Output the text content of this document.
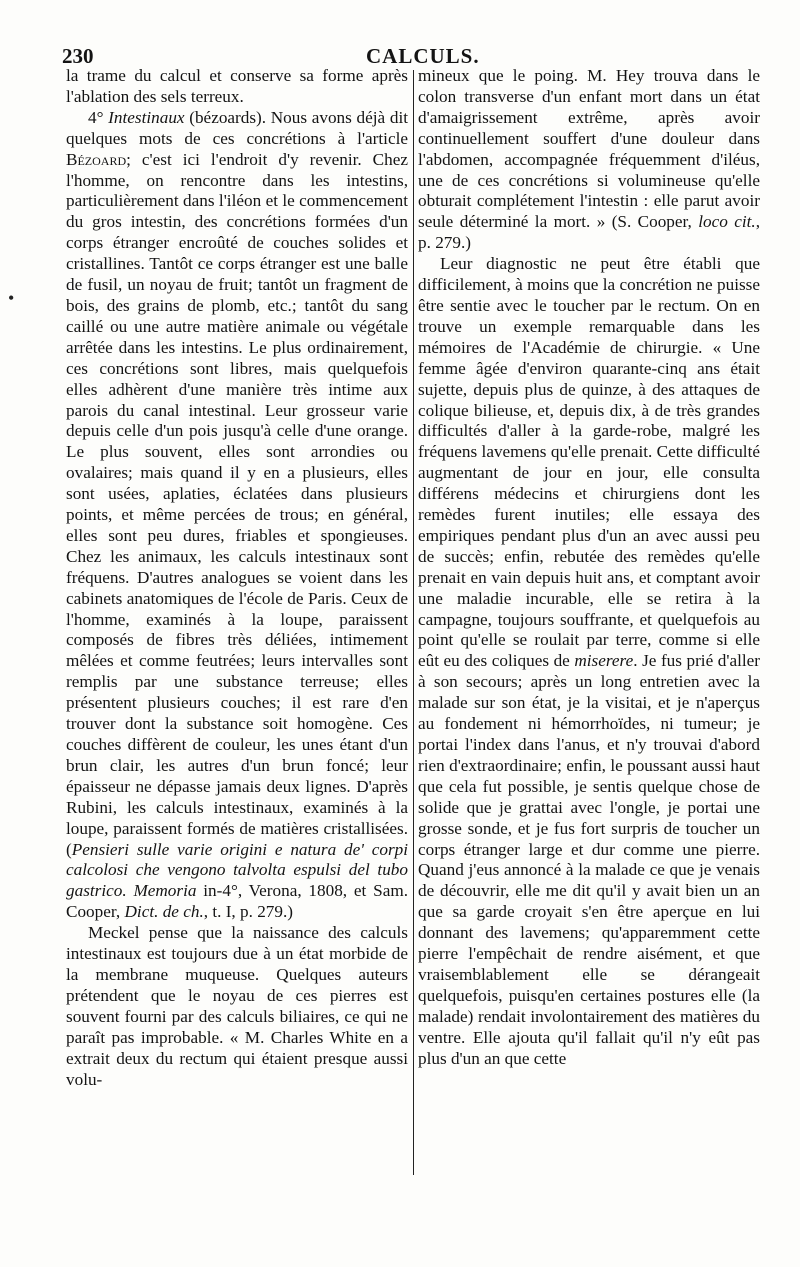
230	CALCULS.
•

la trame du calcul et conserve sa forme après l'ablation des sels terreux.

4° Intestinaux (bézoards). Nous avons déjà dit quelques mots de ces concrétions à l'article Bézoard; c'est ici l'endroit d'y revenir. Chez l'homme, on rencontre dans les intestins, particulièrement dans l'iléon et le commencement du gros intestin, des concrétions formées d'un corps étranger encroûté de couches solides et cristallines. Tantôt ce corps étranger est une balle de fusil, un noyau de fruit; tantôt un fragment de bois, des grains de plomb, etc.; tantôt du sang caillé ou une autre matière animale ou végétale arrêtée dans les intestins. Le plus ordinairement, ces concrétions sont libres, mais quelquefois elles adhèrent d'une manière très intime aux parois du canal intestinal. Leur grosseur varie depuis celle d'un pois jusqu'à celle d'une orange. Le plus souvent, elles sont arrondies ou ovalaires; mais quand il y en a plusieurs, elles sont usées, aplaties, éclatées dans plusieurs points, et même percées de trous; en général, elles sont peu dures, friables et spongieuses. Chez les animaux, les calculs intestinaux sont fréquens. D'autres analogues se voient dans les cabinets anatomiques de l'école de Paris. Ceux de l'homme, examinés à la loupe, paraissent composés de fibres très déliées, intimement mêlées et comme feutrées; leurs intervalles sont remplis par une substance terreuse; elles présentent plusieurs couches; il est rare d'en trouver dont la substance soit homogène. Ces couches diffèrent de couleur, les unes étant d'un brun clair, les autres d'un brun foncé; leur épaisseur ne dépasse jamais deux lignes. D'après Rubini, les calculs intestinaux, examinés à la loupe, paraissent formés de matières cristallisées. (Pensieri sulle varie origini e natura de' corpi calcolosi che vengono talvolta espulsi del tubo gastrico. Memoria in-4°, Verona, 1808, et Sam. Cooper, Dict. de ch., t. I, p. 279.)

Meckel pense que la naissance des calculs intestinaux est toujours due à un état morbide de la membrane muqueuse. Quelques auteurs prétendent que le noyau de ces pierres est souvent fourni par des calculs biliaires, ce qui ne paraît pas improbable. « M. Charles White en a extrait deux du rectum qui étaient presque aussi volu-

mineux que le poing. M. Hey trouva dans le colon transverse d'un enfant mort dans un état d'amaigrissement extrême, après avoir continuellement souffert d'une douleur dans l'abdomen, accompagnée fréquemment d'iléus, une de ces concrétions si volumineuse qu'elle obturait complétement l'intestin : elle parut avoir seule déterminé la mort. » (S. Cooper, loco cit., p. 279.)

Leur diagnostic ne peut être établi que difficilement, à moins que la concrétion ne puisse être sentie avec le toucher par le rectum. On en trouve un exemple remarquable dans les mémoires de l'Académie de chirurgie. « Une femme âgée d'environ quarante-cinq ans était sujette, depuis plus de quinze, à des attaques de colique bilieuse, et, depuis dix, à de très grandes difficultés d'aller à la garde-robe, malgré les fréquens lavemens qu'elle prenait. Cette difficulté augmentant de jour en jour, elle consulta différens médecins et chirurgiens dont les remèdes furent inutiles; elle essaya des empiriques pendant plus d'un an avec aussi peu de succès; enfin, rebutée des remèdes qu'elle prenait en vain depuis huit ans, et comptant avoir une maladie incurable, elle se retira à la campagne, toujours souffrante, et quelquefois au point qu'elle se roulait par terre, comme si elle eût eu des coliques de miserere. Je fus prié d'aller à son secours; après un long entretien avec la malade sur son état, je la visitai, et je n'aperçus au fondement ni hémorrhoïdes, ni tumeur; je portai l'index dans l'anus, et n'y trouvai d'abord rien d'extraordinaire; enfin, le poussant aussi haut que cela fut possible, je sentis quelque chose de solide que je grattai avec l'ongle, je portai une grosse sonde, et je fus fort surpris de toucher un corps étranger large et dur comme une pierre. Quand j'eus annoncé à la malade ce que je venais de découvrir, elle me dit qu'il y avait bien un an que sa garde croyait s'en être aperçue en lui donnant des lavemens; qu'apparemment cette pierre l'empêchait de rendre aisément, et que vraisemblablement elle se dérangeait quelquefois, puisqu'en certaines postures elle (la malade) rendait involontairement des matières du ventre. Elle ajouta qu'il fallait qu'il n'y eût pas plus d'un an que cette
